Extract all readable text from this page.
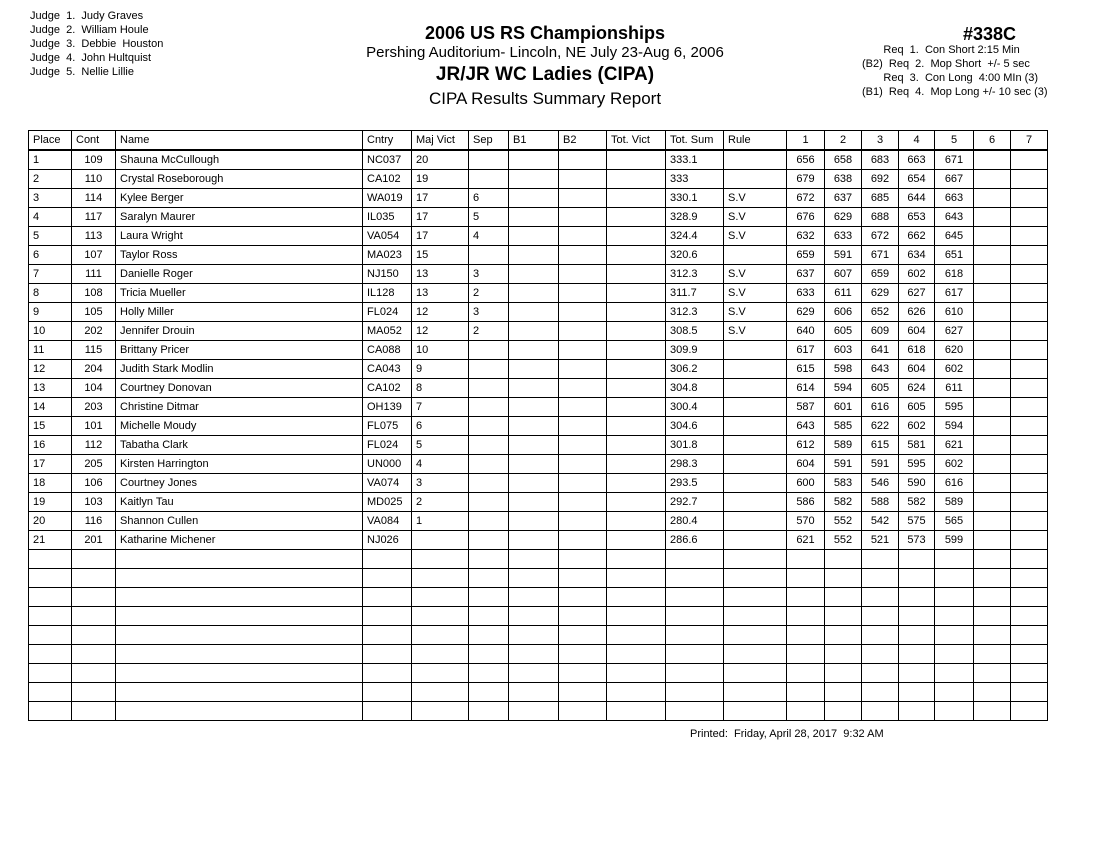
Judge  1.  Judy Graves
Judge  2.  William Houle
Judge  3.  Debbie  Houston
Judge  4.  John Hultquist
Judge  5.  Nellie Lillie
2006 US RS Championships
Pershing Auditorium- Lincoln, NE July 23-Aug 6, 2006
JR/JR WC Ladies (CIPA)
CIPA Results Summary Report
#338C
Req  1.  Con Short 2:15 Min
(B2)  Req  2.  Mop Short  +/- 5 sec
Req  3.  Con Long  4:00 MIn (3)
(B1)  Req  4.  Mop Long +/- 10 sec (3)
Place	Cont	Name	Cntry	Maj Vict	Sep	B1	B2	Tot. Vict	Tot. Sum	Rule	1	2	3	4	5	6	7
1	109	Shauna McCullough	NC037	20					333.1		656	658	683	663	671		
2	110	Crystal Roseborough	CA102	19					333		679	638	692	654	667		
3	114	Kylee Berger	WA019	17	6				330.1	S.V	672	637	685	644	663		
4	117	Saralyn Maurer	IL035	17	5				328.9	S.V	676	629	688	653	643		
5	113	Laura Wright	VA054	17	4				324.4	S.V	632	633	672	662	645		
6	107	Taylor Ross	MA023	15					320.6		659	591	671	634	651		
7	111	Danielle Roger	NJ150	13	3				312.3	S.V	637	607	659	602	618		
8	108	Tricia Mueller	IL128	13	2				311.7	S.V	633	611	629	627	617		
9	105	Holly Miller	FL024	12	3				312.3	S.V	629	606	652	626	610		
10	202	Jennifer Drouin	MA052	12	2				308.5	S.V	640	605	609	604	627		
11	115	Brittany Pricer	CA088	10					309.9		617	603	641	618	620		
12	204	Judith Stark Modlin	CA043	9					306.2		615	598	643	604	602		
13	104	Courtney Donovan	CA102	8					304.8		614	594	605	624	611		
14	203	Christine Ditmar	OH139	7					300.4		587	601	616	605	595		
15	101	Michelle Moudy	FL075	6					304.6		643	585	622	602	594		
16	112	Tabatha Clark	FL024	5					301.8		612	589	615	581	621		
17	205	Kirsten Harrington	UN000	4					298.3		604	591	591	595	602		
18	106	Courtney Jones	VA074	3					293.5		600	583	546	590	616		
19	103	Kaitlyn Tau	MD025	2					292.7		586	582	588	582	589		
20	116	Shannon Cullen	VA084	1					280.4		570	552	542	575	565		
21	201	Katharine Michener	NJ026						286.6		621	552	521	573	599		

Printed:  Friday, April 28, 2017  9:32 AM
